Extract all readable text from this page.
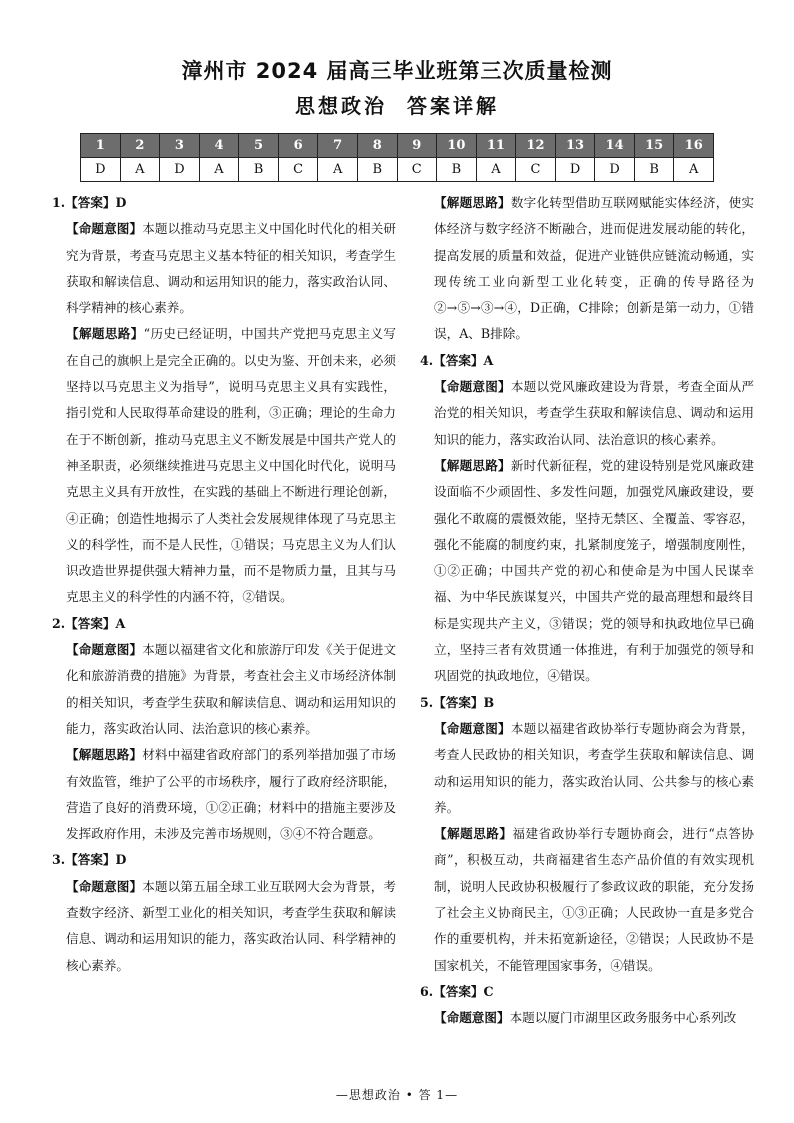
漳州市 2024 届高三毕业班第三次质量检测
思想政治 答案详解
1	2	3	4	5	6	7	8	9	10	11	12	13	14	15	16
D	A	D	A	B	C	A	B	C	B	A	C	D	D	B	A

1.【答案】D

【命题意图】本题以推动马克思主义中国化时代化的相关研究为背景，考查马克思主义基本特征的相关知识，考查学生获取和解读信息、调动和运用知识的能力，落实政治认同、科学精神的核心素养。

【解题思路】“历史已经证明，中国共产党把马克思主义写在自己的旗帜上是完全正确的。以史为鉴、开创未来，必须坚持以马克思主义为指导”，说明马克思主义具有实践性，指引党和人民取得革命建设的胜利，③正确；理论的生命力在于不断创新，推动马克思主义不断发展是中国共产党人的神圣职责，必须继续推进马克思主义中国化时代化，说明马克思主义具有开放性，在实践的基础上不断进行理论创新，④正确；创造性地揭示了人类社会发展规律体现了马克思主义的科学性，而不是人民性，①错误；马克思主义为人们认识改造世界提供强大精神力量，而不是物质力量，且其与马克思主义的科学性的内涵不符，②错误。

2.【答案】A

【命题意图】本题以福建省文化和旅游厅印发《关于促进文化和旅游消费的措施》为背景，考查社会主义市场经济体制的相关知识，考查学生获取和解读信息、调动和运用知识的能力，落实政治认同、法治意识的核心素养。

【解题思路】材料中福建省政府部门的系列举措加强了市场有效监管，维护了公平的市场秩序，履行了政府经济职能，营造了良好的消费环境，①②正确；材料中的措施主要涉及发挥政府作用，未涉及完善市场规则，③④不符合题意。

3.【答案】D

【命题意图】本题以第五届全球工业互联网大会为背景，考查数字经济、新型工业化的相关知识，考查学生获取和解读信息、调动和运用知识的能力，落实政治认同、科学精神的核心素养。

【解题思路】数字化转型借助互联网赋能实体经济，使实体经济与数字经济不断融合，进而促进发展动能的转化，提高发展的质量和效益，促进产业链供应链流动畅通，实现传统工业向新型工业化转变，正确的传导路径为②→⑤→③→④，D正确，C排除；创新是第一动力，①错误，A、B排除。

4.【答案】A

【命题意图】本题以党风廉政建设为背景，考查全面从严治党的相关知识，考查学生获取和解读信息、调动和运用知识的能力，落实政治认同、法治意识的核心素养。

【解题思路】新时代新征程，党的建设特别是党风廉政建设面临不少顽固性、多发性问题，加强党风廉政建设，要强化不敢腐的震慑效能，坚持无禁区、全覆盖、零容忍，强化不能腐的制度约束，扎紧制度笼子，增强制度刚性，①②正确；中国共产党的初心和使命是为中国人民谋幸福、为中华民族谋复兴，中国共产党的最高理想和最终目标是实现共产主义，③错误；党的领导和执政地位早已确立，坚持三者有效贯通一体推进，有利于加强党的领导和巩固党的执政地位，④错误。

5.【答案】B

【命题意图】本题以福建省政协举行专题协商会为背景，考查人民政协的相关知识，考查学生获取和解读信息、调动和运用知识的能力，落实政治认同、公共参与的核心素养。

【解题思路】福建省政协举行专题协商会，进行“点答协商”，积极互动，共商福建省生态产品价值的有效实现机制，说明人民政协积极履行了参政议政的职能，充分发扬了社会主义协商民主，①③正确；人民政协一直是多党合作的重要机构，并未拓宽新途径，②错误；人民政协不是国家机关，不能管理国家事务，④错误。

6.【答案】C

【命题意图】本题以厦门市湖里区政务服务中心系列改

—思想政治 • 答 1—
